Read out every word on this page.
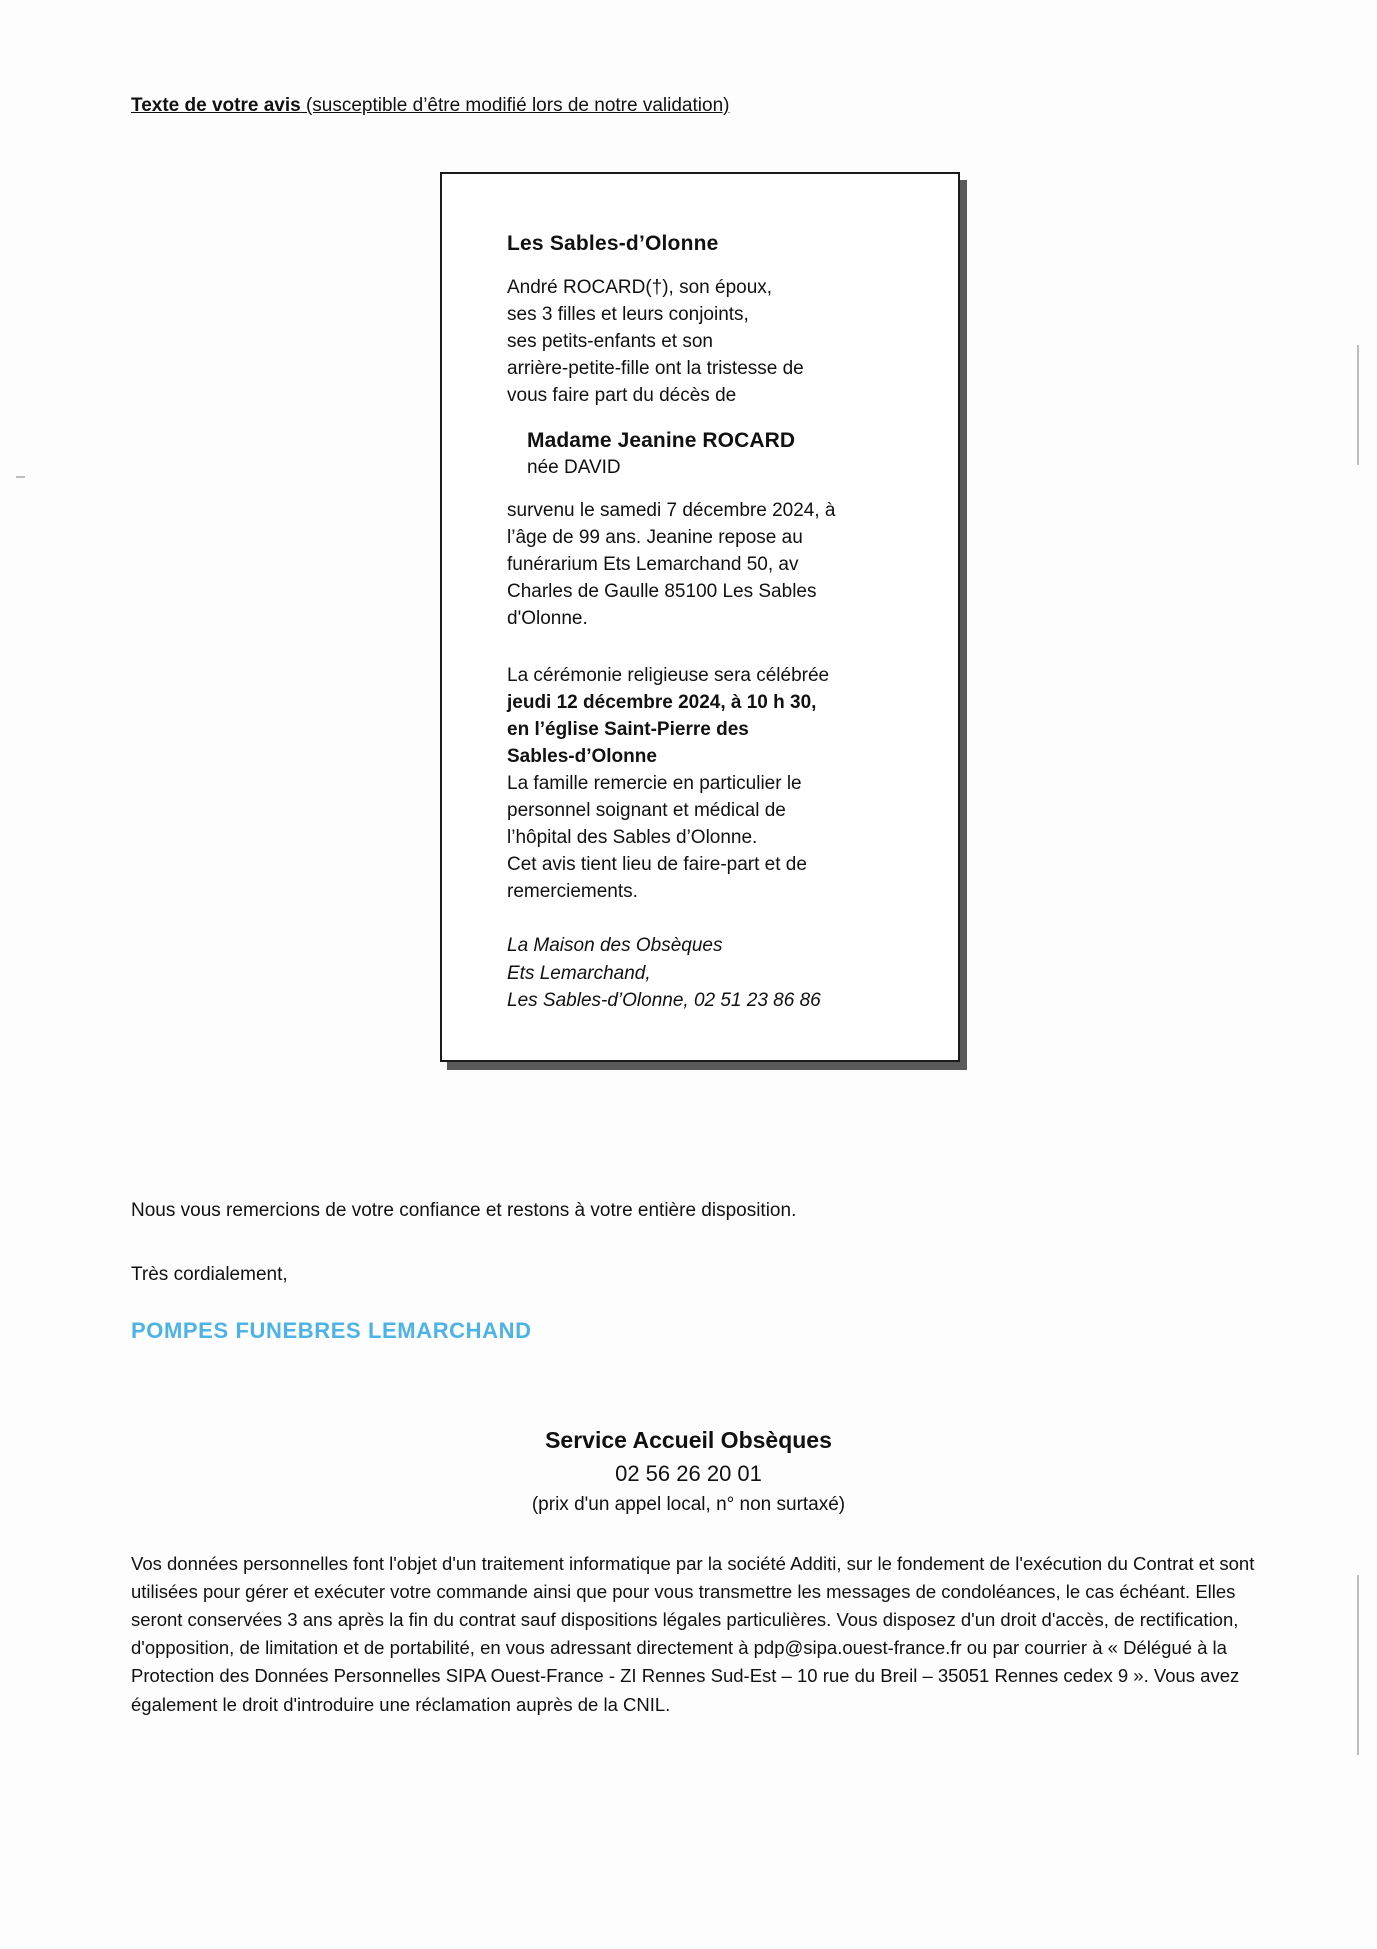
Texte de votre avis (susceptible d’être modifié lors de notre validation)
Les Sables-d’Olonne
André ROCARD(†), son époux,
ses 3 filles et leurs conjoints,
ses petits-enfants et son
arrière-petite-fille ont la tristesse de
vous faire part du décès de
Madame Jeanine ROCARD
née DAVID
survenu le samedi 7 décembre 2024, à
l’âge de 99 ans. Jeanine repose au
funérarium Ets Lemarchand 50, av
Charles de Gaulle 85100 Les Sables
d'Olonne.
La cérémonie religieuse sera célébrée
jeudi 12 décembre 2024, à 10 h 30,
en l’église Saint-Pierre des
Sables-d’Olonne
La famille remercie en particulier le
personnel soignant et médical de
l’hôpital des Sables d’Olonne.
Cet avis tient lieu de faire-part et de
remerciements.
La Maison des Obsèques
Ets Lemarchand,
Les Sables-d’Olonne, 02 51 23 86 86
Nous vous remercions de votre confiance et restons à votre entière disposition.
Très cordialement,
POMPES FUNEBRES LEMARCHAND
Service Accueil Obsèques
02 56 26 20 01
(prix d'un appel local, n° non surtaxé)
Vos données personnelles font l'objet d'un traitement informatique par la société Additi, sur le fondement de l'exécution du Contrat et sont utilisées pour gérer et exécuter votre commande ainsi que pour vous transmettre les messages de condoléances, le cas échéant. Elles seront conservées 3 ans après la fin du contrat sauf dispositions légales particulières. Vous disposez d'un droit d'accès, de rectification, d'opposition, de limitation et de portabilité, en vous adressant directement à pdp@sipa.ouest-france.fr ou par courrier à « Délégué à la Protection des Données Personnelles SIPA Ouest-France - ZI Rennes Sud-Est – 10 rue du Breil – 35051 Rennes cedex 9 ». Vous avez également le droit d'introduire une réclamation auprès de la CNIL.
